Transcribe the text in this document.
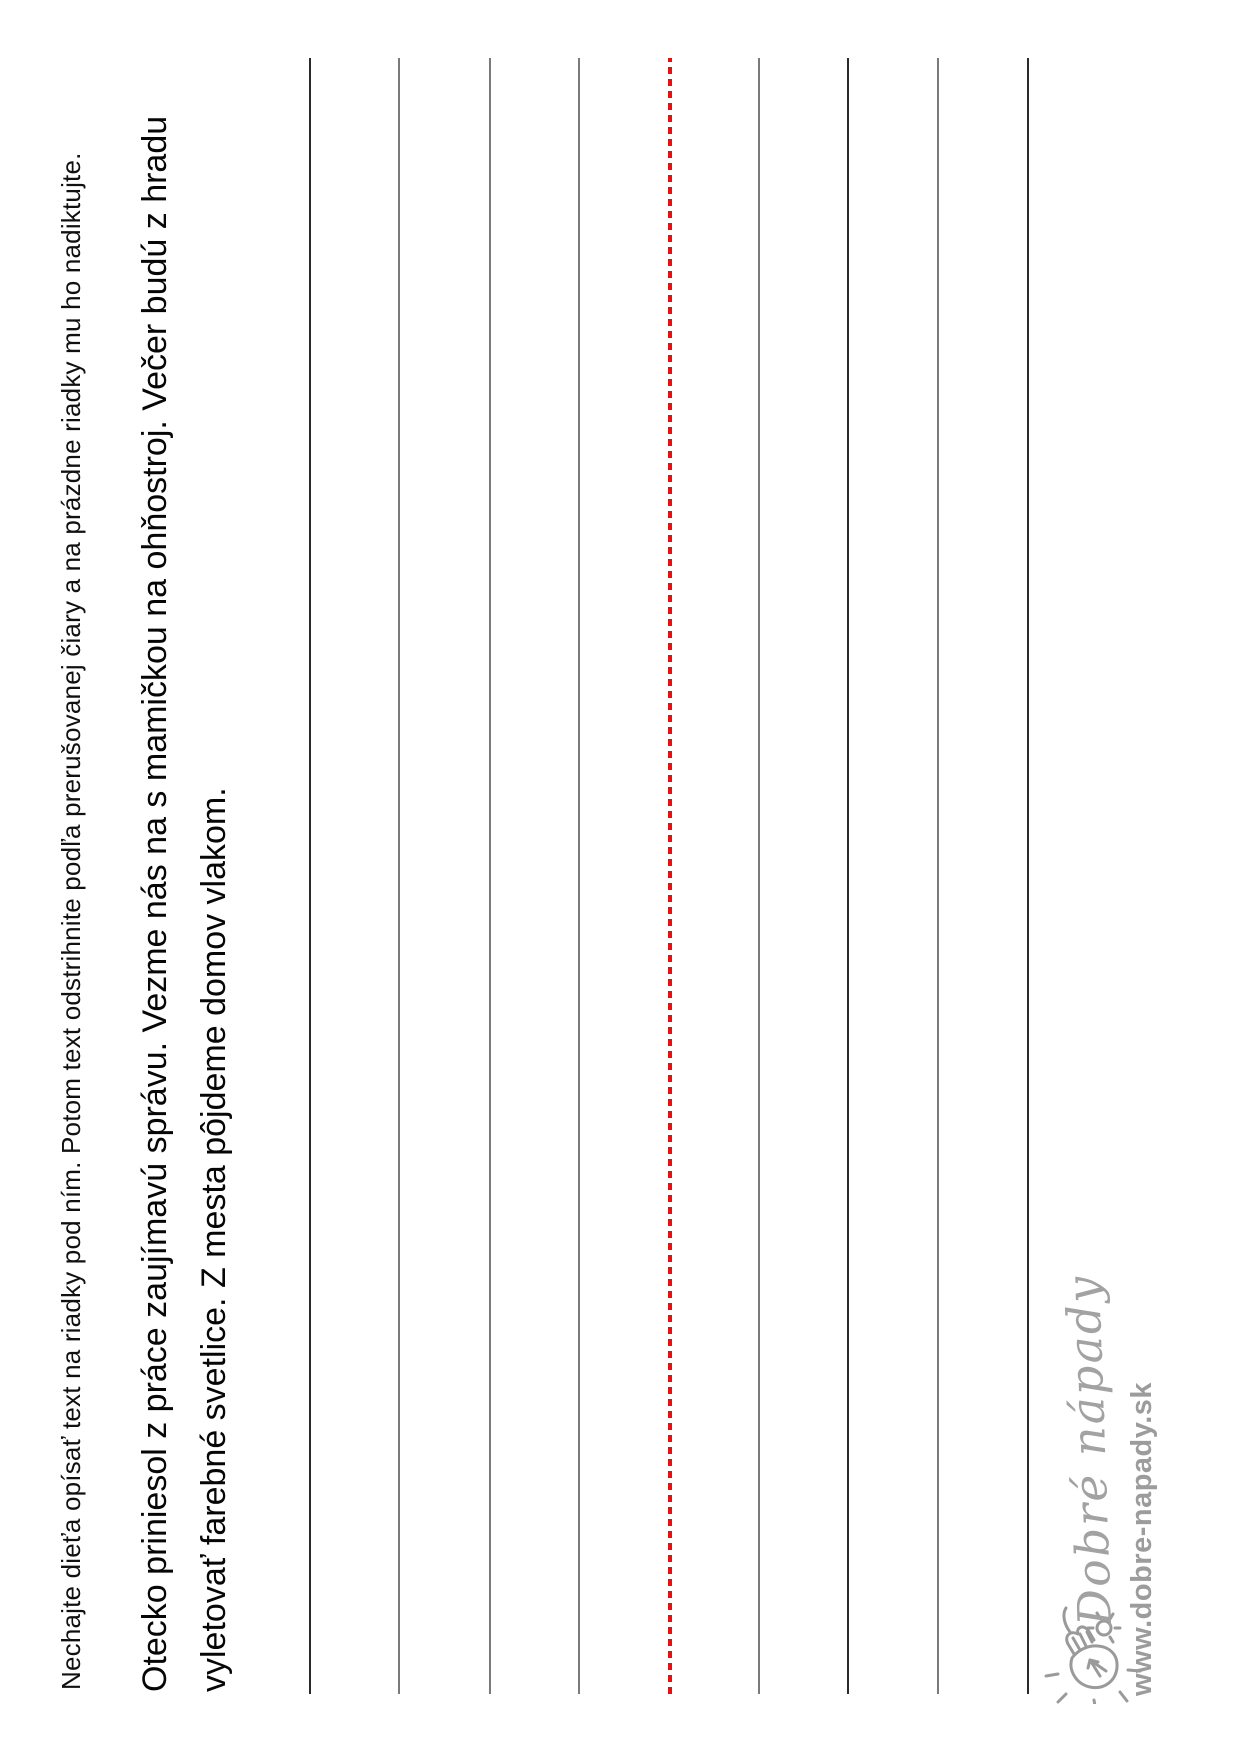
Nechajte dieťa opísať text na riadky pod ním. Potom text odstrihnite podľa prerušovanej čiary a na prázdne riadky mu ho nadiktujte. Otecko priniesol z práce zaujímavú správu. Vezme nás na s mamičkou na ohňostroj. Večer budú z hradu vyletovať farebné svetlice. Z mesta pôjdeme domov vlakom.	Dobré nápady www.dobre-napady.sk
